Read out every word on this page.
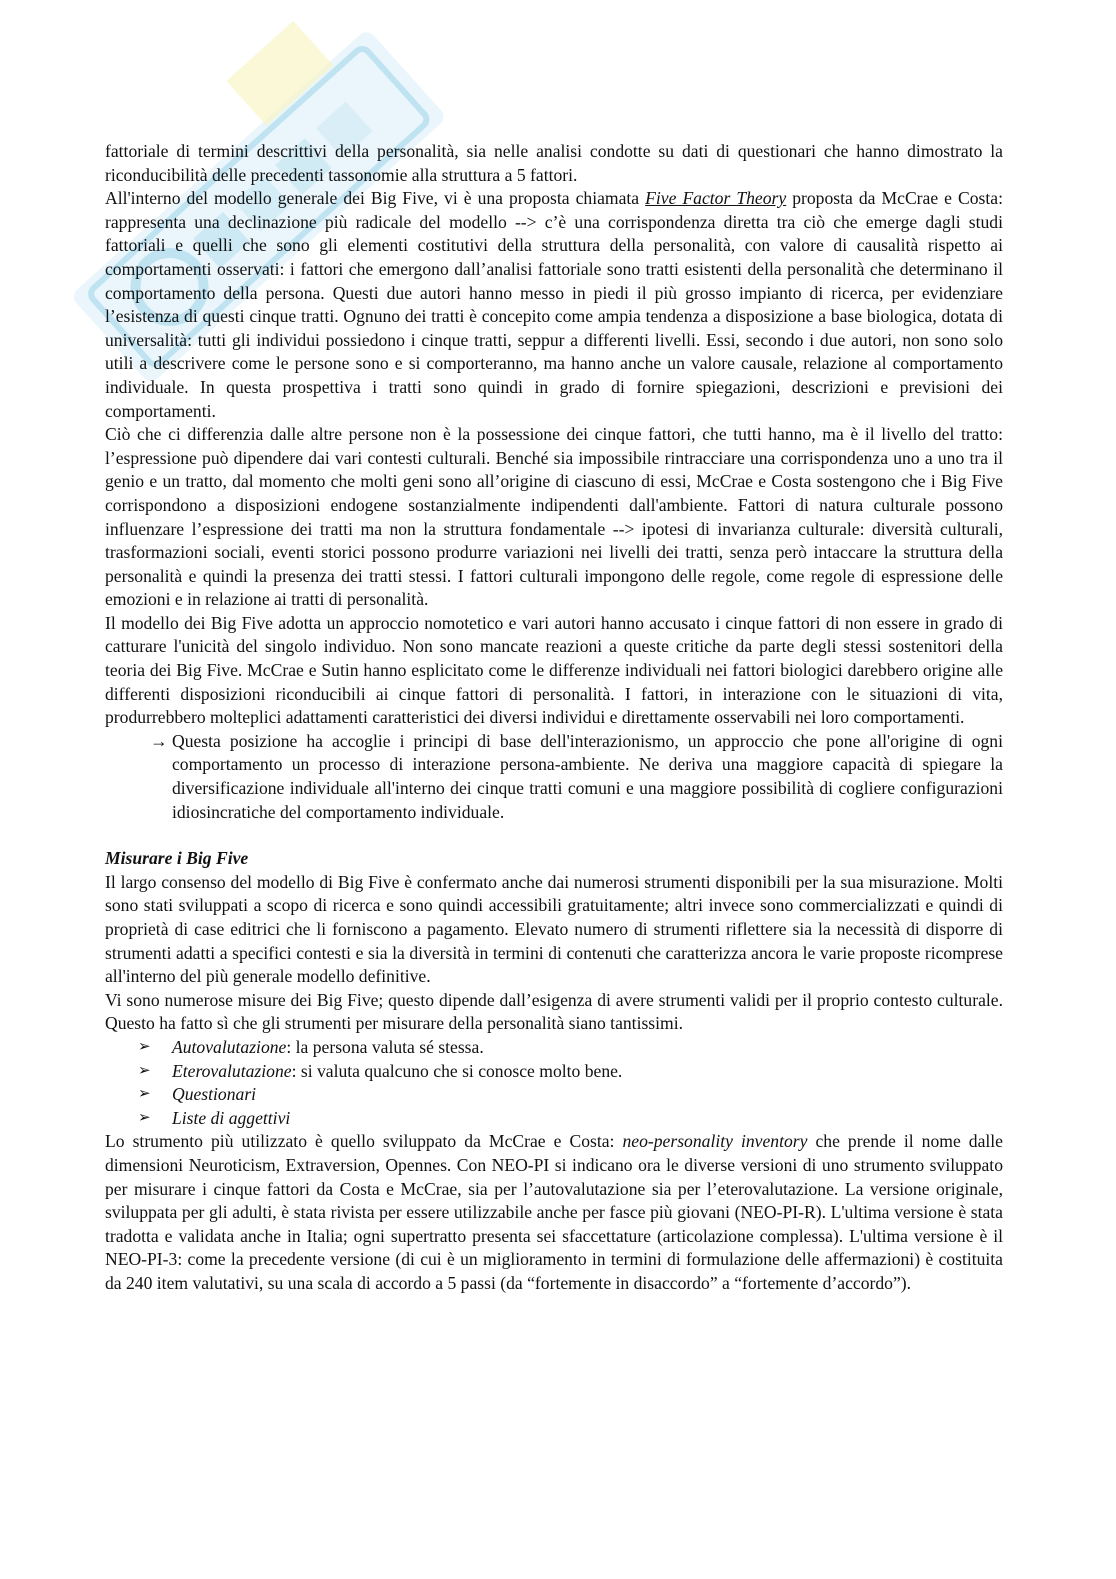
fattoriale di termini descrittivi della personalità, sia nelle analisi condotte su dati di questionari che hanno dimostrato la riconducibilità delle precedenti tassonomie alla struttura a 5 fattori.

All'interno del modello generale dei Big Five, vi è una proposta chiamata Five Factor Theory proposta da McCrae e Costa: rappresenta una declinazione più radicale del modello --> c’è una corrispondenza diretta tra ciò che emerge dagli studi fattoriali e quelli che sono gli elementi costitutivi della struttura della personalità, con valore di causalità rispetto ai comportamenti osservati: i fattori che emergono dall’analisi fattoriale sono tratti esistenti della personalità che determinano il comportamento della persona. Questi due autori hanno messo in piedi il più grosso impianto di ricerca, per evidenziare l’esistenza di questi cinque tratti. Ognuno dei tratti è concepito come ampia tendenza a disposizione a base biologica, dotata di universalità: tutti gli individui possiedono i cinque tratti, seppur a differenti livelli. Essi, secondo i due autori, non sono solo utili a descrivere come le persone sono e si comporteranno, ma hanno anche un valore causale, relazione al comportamento individuale. In questa prospettiva i tratti sono quindi in grado di fornire spiegazioni, descrizioni e previsioni dei comportamenti.

Ciò che ci differenzia dalle altre persone non è la possessione dei cinque fattori, che tutti hanno, ma è il livello del tratto: l’espressione può dipendere dai vari contesti culturali. Benché sia impossibile rintracciare una corrispondenza uno a uno tra il genio e un tratto, dal momento che molti geni sono all’origine di ciascuno di essi, McCrae e Costa sostengono che i Big Five corrispondono a disposizioni endogene sostanzialmente indipendenti dall'ambiente. Fattori di natura culturale possono influenzare l’espressione dei tratti ma non la struttura fondamentale --> ipotesi di invarianza culturale: diversità culturali, trasformazioni sociali, eventi storici possono produrre variazioni nei livelli dei tratti, senza però intaccare la struttura della personalità e quindi la presenza dei tratti stessi. I fattori culturali impongono delle regole, come regole di espressione delle emozioni e in relazione ai tratti di personalità.

Il modello dei Big Five adotta un approccio nomotetico e vari autori hanno accusato i cinque fattori di non essere in grado di catturare l'unicità del singolo individuo. Non sono mancate reazioni a queste critiche da parte degli stessi sostenitori della teoria dei Big Five. McCrae e Sutin hanno esplicitato come le differenze individuali nei fattori biologici darebbero origine alle differenti disposizioni riconducibili ai cinque fattori di personalità. I fattori, in interazione con le situazioni di vita, produrrebbero molteplici adattamenti caratteristici dei diversi individui e direttamente osservabili nei loro comportamenti.

→ Questa posizione ha accoglie i principi di base dell'interazionismo, un approccio che pone all'origine di ogni comportamento un processo di interazione persona-ambiente. Ne deriva una maggiore capacità di spiegare la diversificazione individuale all'interno dei cinque tratti comuni e una maggiore possibilità di cogliere configurazioni idiosincratiche del comportamento individuale.

Misurare i Big Five

Il largo consenso del modello di Big Five è confermato anche dai numerosi strumenti disponibili per la sua misurazione. Molti sono stati sviluppati a scopo di ricerca e sono quindi accessibili gratuitamente; altri invece sono commercializzati e quindi di proprietà di case editrici che li forniscono a pagamento. Elevato numero di strumenti riflettere sia la necessità di disporre di strumenti adatti a specifici contesti e sia la diversità in termini di contenuti che caratterizza ancora le varie proposte ricomprese all'interno del più generale modello definitive.

Vi sono numerose misure dei Big Five; questo dipende dall’esigenza di avere strumenti validi per il proprio contesto culturale. Questo ha fatto sì che gli strumenti per misurare della personalità siano tantissimi.

➢	Autovalutazione: la persona valuta sé stessa.
➢	Eterovalutazione: si valuta qualcuno che si conosce molto bene.
➢	Questionari
➢	Liste di aggettivi

Lo strumento più utilizzato è quello sviluppato da McCrae e Costa: neo-personality inventory che prende il nome dalle dimensioni Neuroticism, Extraversion, Opennes. Con NEO-PI si indicano ora le diverse versioni di uno strumento sviluppato per misurare i cinque fattori da Costa e McCrae, sia per l’autovalutazione sia per l’eterovalutazione. La versione originale, sviluppata per gli adulti, è stata rivista per essere utilizzabile anche per fasce più giovani (NEO-PI-R). L'ultima versione è stata tradotta e validata anche in Italia; ogni supertratto presenta sei sfaccettature (articolazione complessa). L'ultima versione è il NEO-PI-3: come la precedente versione (di cui è un miglioramento in termini di formulazione delle affermazioni) è costituita da 240 item valutativi, su una scala di accordo a 5 passi (da “fortemente in disaccordo” a “fortemente d’accordo”).
